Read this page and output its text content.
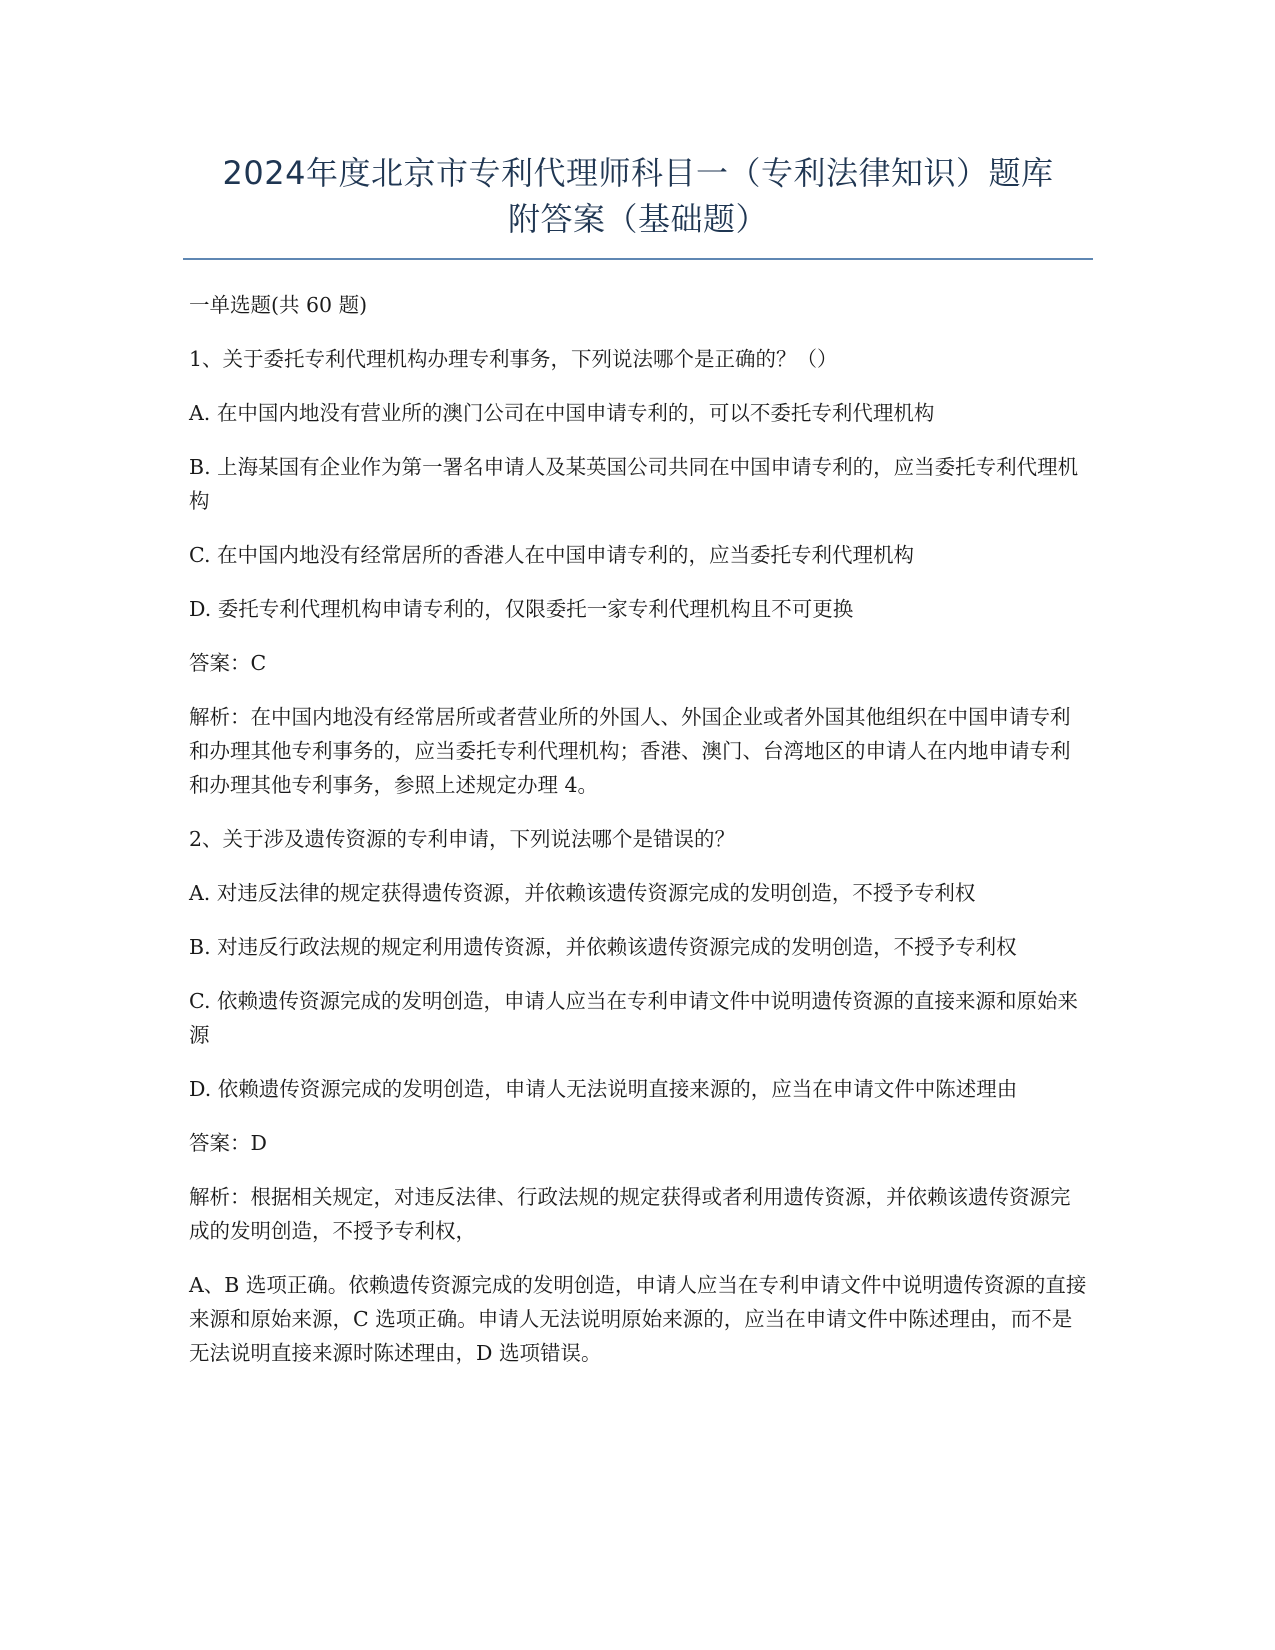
2024年度北京市专利代理师科目一（专利法律知识）题库
附答案（基础题）

一单选题(共 60 题)

1、关于委托专利代理机构办理专利事务，下列说法哪个是正确的？（）

A. 在中国内地没有营业所的澳门公司在中国申请专利的，可以不委托专利代理机构

B. 上海某国有企业作为第一署名申请人及某英国公司共同在中国申请专利的，应当委托专利代理机构

C. 在中国内地没有经常居所的香港人在中国申请专利的，应当委托专利代理机构

D. 委托专利代理机构申请专利的，仅限委托一家专利代理机构且不可更换

答案：C

解析：在中国内地没有经常居所或者营业所的外国人、外国企业或者外国其他组织在中国申请专利和办理其他专利事务的，应当委托专利代理机构；香港、澳门、台湾地区的申请人在内地申请专利和办理其他专利事务，参照上述规定办理 4。

2、关于涉及遗传资源的专利申请，下列说法哪个是错误的？

A. 对违反法律的规定获得遗传资源，并依赖该遗传资源完成的发明创造，不授予专利权

B. 对违反行政法规的规定利用遗传资源，并依赖该遗传资源完成的发明创造，不授予专利权

C. 依赖遗传资源完成的发明创造，申请人应当在专利申请文件中说明遗传资源的直接来源和原始来源

D. 依赖遗传资源完成的发明创造，申请人无法说明直接来源的，应当在申请文件中陈述理由

答案：D

解析：根据相关规定，对违反法律、行政法规的规定获得或者利用遗传资源，并依赖该遗传资源完成的发明创造，不授予专利权，

A、B 选项正确。依赖遗传资源完成的发明创造，申请人应当在专利申请文件中说明遗传资源的直接来源和原始来源，C 选项正确。申请人无法说明原始来源的，应当在申请文件中陈述理由，而不是无法说明直接来源时陈述理由，D 选项错误。
